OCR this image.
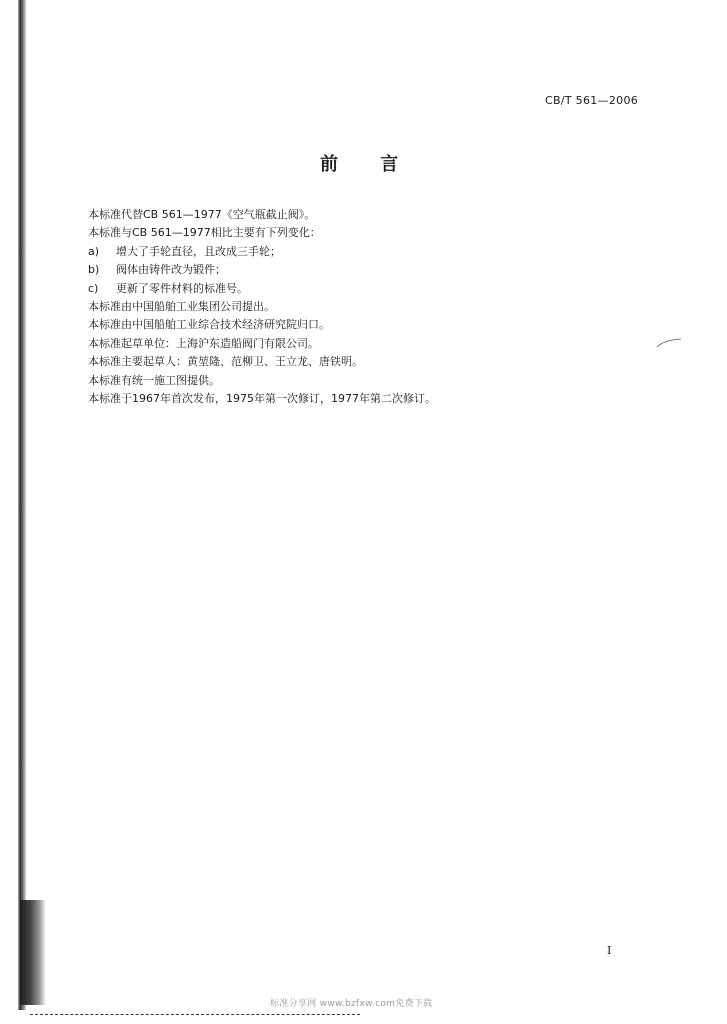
CB/T 561—2006
前 言
本标准代替CB 561—1977《空气瓶截止阀》。
本标准与CB 561—1977相比主要有下列变化：
a)	增大了手轮直径，且改成三手轮；
b)	阀体由铸件改为锻件；
c)	更新了零件材料的标准号。
本标准由中国船舶工业集团公司提出。
本标准由中国船舶工业综合技术经济研究院归口。
本标准起草单位：上海沪东造船阀门有限公司。
本标准主要起草人：黄堃隆、范柳卫、王立龙、唐铁明。
本标准有统一施工图提供。
本标准于1967年首次发布，1975年第一次修订，1977年第二次修订。
I
标准分享网 www.bzfxw.com免费下载
